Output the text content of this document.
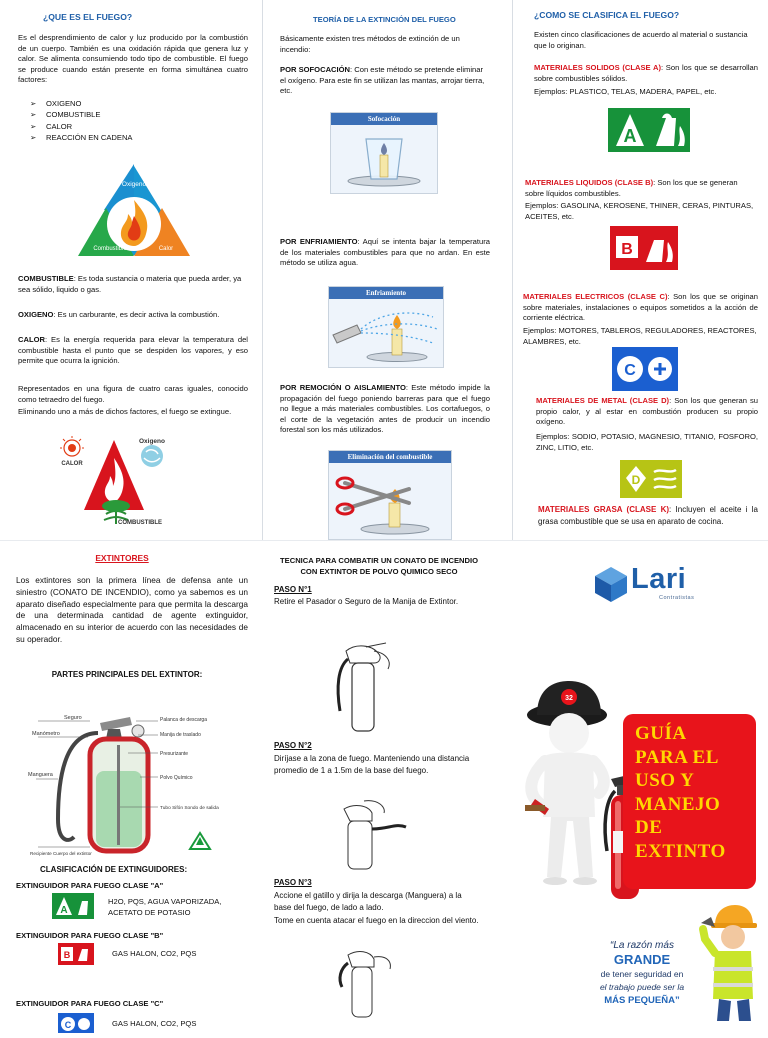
¿QUE ES EL FUEGO?

Es el desprendimiento de calor y luz producido por la combustión de un cuerpo. También es una oxidación rápida que genera luz y calor. Se alimenta consumiendo todo tipo de combustible. El fuego se produce cuando están presente en forma simultánea cuatro factores:

➢ OXIGENO
➢ COMBUSTIBLE
➢ CALOR
➢ REACCIÓN EN CADENA
Oxigeno
Combustible	Calor

COMBUSTIBLE: Es toda sustancia o materia que pueda arder, ya sea sólido, liquido o gas.

OXIGENO: Es un carburante, es decir activa la combustión.

CALOR: Es la energía requerida para elevar la temperatura del combustible hasta el punto que se despiden los vapores, y eso permite que ocurra la ignición.

Representados en una figura de cuatro caras iguales, conocido como tetraedro del fuego.

Eliminando uno a más de dichos factores, el fuego se extingue.

Oxigeno
CALOR
COMBUSTIBLE
TEORÍA DE LA EXTINCIÓN DEL FUEGO

Básicamente existen tres métodos de extinción de un incendio:

POR SOFOCACIÓN: Con este método se pretende eliminar el oxígeno. Para este fin se utilizan las mantas, arrojar tierra, etc.

Sofocación

POR ENFRIAMIENTO: Aquí se intenta bajar la temperatura de los materiales combustibles para que no ardan. En este método se utiliza agua.

Enfriamiento

POR REMOCIÓN O AISLAMIENTO: Este método impide la propagación del fuego poniendo barreras para que el fuego no llegue a más materiales combustibles. Los cortafuegos, o el corte de la vegetación antes de producir un incendio forestal son los más utilizados.

Eliminación del combustible
¿COMO SE CLASIFICA EL FUEGO?

Existen cinco clasificaciones de acuerdo al material o sustancia que lo originan.

MATERIALES SOLIDOS (CLASE A): Son los que se desarrollan sobre combustibles sólidos.

Ejemplos: PLASTICO, TELAS, MADERA, PAPEL, etc.

A

MATERIALES LIQUIDOS (CLASE B): Son los que se generan sobre líquidos combustibles.

Ejemplos: GASOLINA, KEROSENE, THINER, CERAS, PINTURAS, ACEITES, etc.

B

MATERIALES ELECTRICOS (CLASE C): Son los que se originan sobre materiales, instalaciones o equipos sometidos a la acción de corriente eléctrica.

Ejemplos: MOTORES, TABLEROS, REGULADORES, REACTORES, ALAMBRES, etc.

C

MATERIALES DE METAL (CLASE D): Son los que generan su propio calor, y al estar en combustión producen su propio oxígeno.

Ejemplos: SODIO, POTASIO, MAGNESIO, TITANIO, FOSFORO, ZINC, LITIO, etc.

D

MATERIALES GRASA (CLASE K): Incluyen el aceite i la grasa combustible que se usa en aparato de cocina.

EXTINTORES

Los extintores son la primera línea de defensa ante un siniestro (CONATO DE INCENDIO), como ya sabemos es un aparato diseñado especialmente para que permita la descarga de una determinada cantidad de agente extinguidor, almacenado en su interior de acuerdo con las necesidades de su operador.

PARTES PRINCIPALES DEL EXTINTOR:
Seguro
Manómetro
Manguera
Recipiente Cuerpo del extintor
Palanca de descarga
Manija de traslado
Presurizante
Polvo Químico
Tubo Sifón Sondo de salida
CLASIFICACIÓN DE EXTINGUIDORES:

EXTINGUIDOR PARA FUEGO CLASE "A"

A

H2O, PQS, AGUA VAPORIZADA, ACETATO DE POTASIO

EXTINGUIDOR PARA FUEGO CLASE "B"

B	GAS HALON, CO2, PQS

EXTINGUIDOR PARA FUEGO CLASE "C"

C	GAS HALON, CO2, PQS

TECNICA PARA COMBATIR UN CONATO DE INCENDIO CON EXTINTOR DE POLVO QUIMICO SECO

PASO N°1

Retire el Pasador o Seguro de la Manija de Extintor.

PASO N°2

Diríjase a la zona de fuego. Manteniendo una distancia promedio de 1 a 1.5m de la base del fuego.

PASO N°3

Accione el gatillo y dirija la descarga (Manguera) a la base del fuego, de lado a lado.

Tome en cuenta atacar el fuego en la direccion del viento.

Lari
Contratistas
32
GUÍA
PARA EL
USO Y
MANEJO
DE
EXTINTO
“La razón más
GRANDE
de tener seguridad en
el trabajo puede ser la
MÁS PEQUEÑA”
